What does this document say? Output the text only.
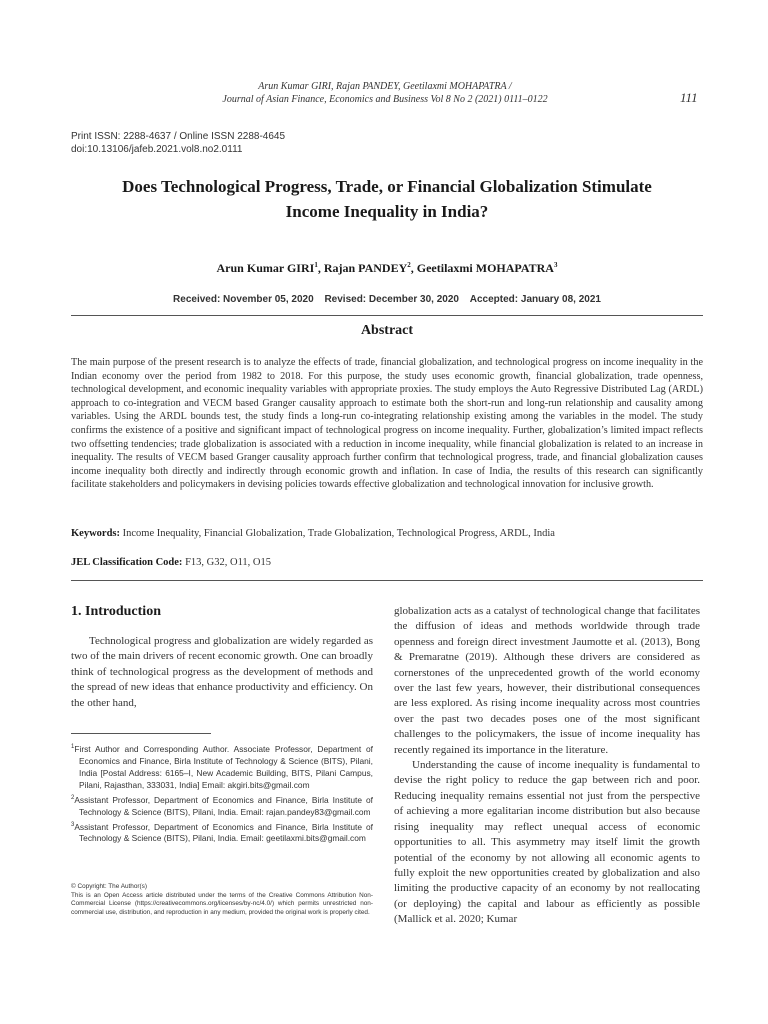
Arun Kumar GIRI, Rajan PANDEY, Geetilaxmi MOHAPATRA /
Journal of Asian Finance, Economics and Business Vol 8 No 2 (2021) 0111–0122	111
Print ISSN: 2288-4637 / Online ISSN 2288-4645
doi:10.13106/jafeb.2021.vol8.no2.0111
Does Technological Progress, Trade, or Financial Globalization Stimulate
Income Inequality in India?
Arun Kumar GIRI$^1$, Rajan PANDEY$^2$, Geetilaxmi MOHAPATRA$^3$
Received: November 05, 2020 Revised: December 30, 2020 Accepted: January 08, 2021
Abstract

The main purpose of the present research is to analyze the effects of trade, financial globalization, and technological progress on income inequality in the Indian economy over the period from 1982 to 2018. For this purpose, the study uses economic growth, financial globalization, trade openness, technological development, and economic inequality variables with appropriate proxies. The study employs the Auto Regressive Distributed Lag (ARDL) approach to co-integration and VECM based Granger causality approach to estimate both the short-run and long-run relationship and causality among variables. Using the ARDL bounds test, the study finds a long-run co-integrating relationship existing among the variables in the model. The study confirms the existence of a positive and significant impact of technological progress on income inequality. Further, globalization’s limited impact reflects two offsetting tendencies; trade globalization is associated with a reduction in income inequality, while financial globalization is related to an increase in inequality. The results of VECM based Granger causality approach further confirm that technological progress, trade, and financial globalization causes income inequality both directly and indirectly through economic growth and inflation. In case of India, the results of this research can significantly facilitate stakeholders and policymakers in devising policies towards effective globalization and technological innovation for inclusive growth.

Keywords: Income Inequality, Financial Globalization, Trade Globalization, Technological Progress, ARDL, India
JEL Classification Code: F13, G32, O11, O15
1. Introduction

Technological progress and globalization are widely regarded as two of the main drivers of recent economic growth. One can broadly think of technological progress as the development of methods and the spread of new ideas that enhance productivity and efficiency. On the other hand,

$^1$First Author and Corresponding Author. Associate Professor, Department of Economics and Finance, Birla Institute of Technology & Science (BITS), Pilani, India [Postal Address: 6165–I, New Academic Building, BITS, Pilani Campus, Pilani, Rajasthan, 333031, India] Email: akgiri.bits@gmail.com

$^2$Assistant Professor, Department of Economics and Finance, Birla Institute of Technology & Science (BITS), Pilani, India. Email: rajan.pandey83@gmail.com

$^3$Assistant Professor, Department of Economics and Finance, Birla Institute of Technology & Science (BITS), Pilani, India. Email: geetilaxmi.bits@gmail.com

© Copyright: The Author(s)

This is an Open Access article distributed under the terms of the Creative Commons Attribution Non-Commercial License (https://creativecommons.org/licenses/by-nc/4.0/) which permits unrestricted non-commercial use, distribution, and reproduction in any medium, provided the original work is properly cited.

globalization acts as a catalyst of technological change that facilitates the diffusion of ideas and methods worldwide through trade openness and foreign direct investment Jaumotte et al. (2013), Bong & Premaratne (2019). Although these drivers are considered as cornerstones of the unprecedented growth of the world economy over the last few years, however, their distributional consequences are less explored. As rising income inequality across most countries over the past two decades poses one of the most significant challenges to the policymakers, the issue of income inequality has recently regained its importance in the literature.

Understanding the cause of income inequality is fundamental to devise the right policy to reduce the gap between rich and poor. Reducing inequality remains essential not just from the perspective of achieving a more egalitarian income distribution but also because rising inequality may reflect unequal access of economic opportunities to all. This asymmetry may itself limit the growth potential of the economy by not allowing all economic agents to fully exploit the new opportunities created by globalization and also limiting the productive capacity of an economy by not reallocating (or deploying) the capital and labour as efficiently as possible (Mallick et al. 2020; Kumar
